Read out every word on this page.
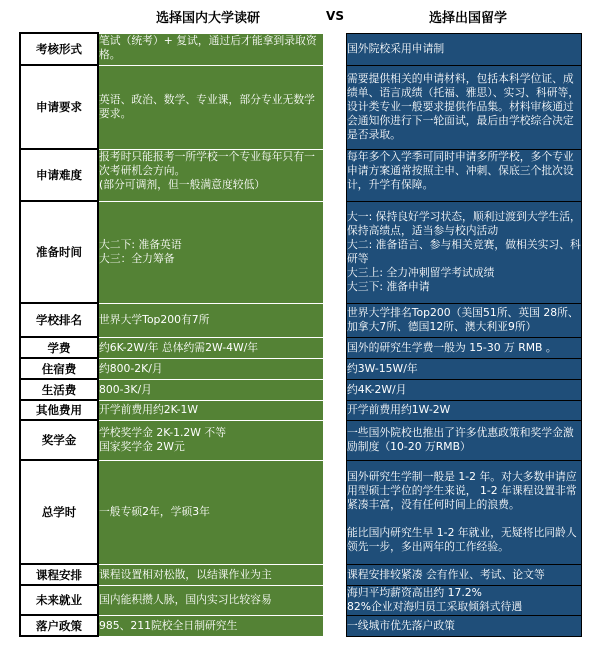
选择国内大学读研	VS	选择出国留学
考核形式	笔试（统考）+ 复试，通过后才能拿到录取资格。		国外院校采用申请制

申请要求	英语、政治、数学、专业课，部分专业无数学要求。		需要提供相关的申请材料，包括本科学位证、成绩单、语言成绩（托福、雅思）、实习、科研等，设计类专业一般要求提供作品集。材料审核通过会通知你进行下一轮面试，最后由学校综合决定是否录取。

申请难度	报考时只能报考一所学校一个专业每年只有一次考研机会方向。
(部分可调剂，但一般满意度较低）		每年多个入学季可同时申请多所学校，多个专业申请方案通常按照主申、冲刺、保底三个批次设计，升学有保障。

准备时间	大二下: 准备英语
大三：全力筹备		大一: 保持良好学习状态，顺利过渡到大学生活，保持高绩点，适当参与校内活动
大二: 准备语言、参与相关竞赛，做相关实习、科研等
大三上: 全力冲刺留学考试成绩
大三下: 准备申请

学校排名	世界大学Top200有7所		世界大学排名Top200（美国51所、英国 28所、加拿大7所、德国12所、澳大利亚9所）

学费	约6K-2W/年 总体约需2W-4W/年		国外的研究生学费一般为 15-30 万 RMB 。

住宿费	约800-2K/月		约3W-15W/年

生活费	800-3K/月		约4K-2W/月

其他费用	开学前费用约2K-1W		开学前费用约1W-2W

奖学金	学校奖学金 2K-1.2W 不等
国家奖学金 2W元		一些国外院校也推出了许多优惠政策和奖学金激励制度（10-20 万RMB）

总学时	一般专硕2年，学硕3年		国外研究生学制一般是 1-2 年。对大多数申请应用型硕士学位的学生来说， 1-2 年课程设置非常紧凑丰富，没有任何时间上的浪费。

能比国内研究生早 1-2 年就业，无疑将比同龄人领先一步，多出两年的工作经验。

课程安排	课程设置相对松散，以结课作业为主		课程安排较紧凑 会有作业、考试、论文等

未来就业	国内能积攒人脉，国内实习比较容易		海归平均薪资高出约 17.2%
82%企业对海归员工采取倾斜式待遇

落户政策	985、211院校全日制研究生		一线城市优先落户政策
知乎 @小巫说留学
